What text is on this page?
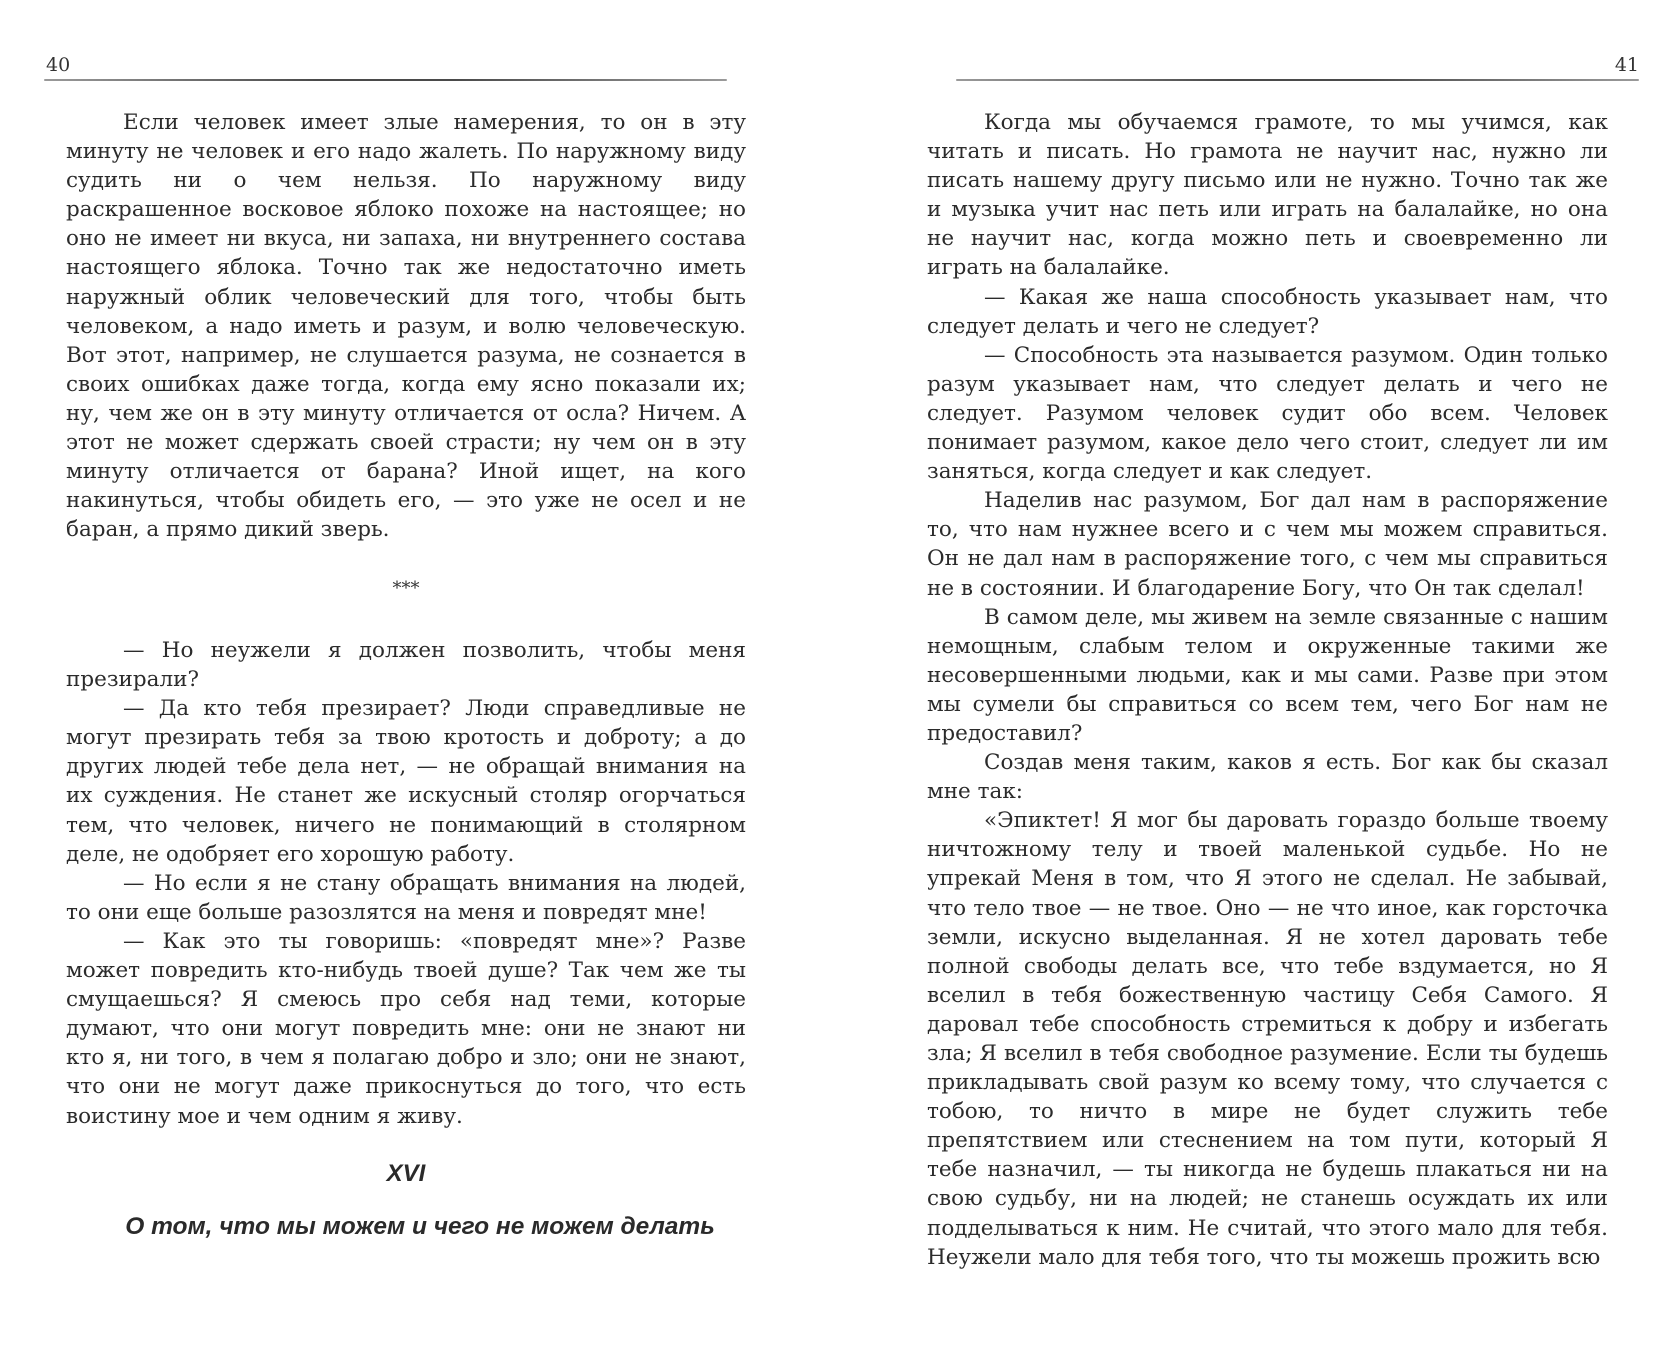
40

Если человек имеет злые намерения, то он в эту минуту не человек и его надо жалеть. По наружному виду судить ни о чем нельзя. По наружному виду раскрашенное восковое яблоко похоже на настоящее; но оно не имеет ни вкуса, ни запаха, ни внутреннего состава настоящего яблока. Точно так же недостаточно иметь наружный облик человеческий для того, чтобы быть человеком, а надо иметь и разум, и волю человеческую. Вот этот, например, не слушается разума, не сознается в своих ошибках даже тогда, когда ему ясно показали их; ну, чем же он в эту минуту отличается от осла? Ничем. А этот не может сдержать своей страсти; ну чем он в эту минуту отличается от барана? Иной ищет, на кого накинуться, чтобы обидеть его, — это уже не осел и не баран, а прямо дикий зверь.

***

— Но неужели я должен позволить, чтобы меня презирали?

— Да кто тебя презирает? Люди справедливые не могут презирать тебя за твою кротость и доброту; а до других людей тебе дела нет, — не обращай внимания на их суждения. Не станет же искусный столяр огорчаться тем, что человек, ничего не понимающий в столярном деле, не одобряет его хорошую работу.

— Но если я не стану обращать внимания на людей, то они еще больше разозлятся на меня и повредят мне!

— Как это ты говоришь: «повредят мне»? Разве может повредить кто-нибудь твоей душе? Так чем же ты смущаешься? Я смеюсь про себя над теми, которые думают, что они могут повредить мне: они не знают ни кто я, ни того, в чем я полагаю добро и зло; они не знают, что они не могут даже прикоснуться до того, что есть воистину мое и чем одним я живу.

XVI
О том, что мы можем и чего не можем делать
41

Когда мы обучаемся грамоте, то мы учимся, как читать и писать. Но грамота не научит нас, нужно ли писать нашему другу письмо или не нужно. Точно так же и музыка учит нас петь или играть на балалайке, но она не научит нас, когда можно петь и своевременно ли играть на балалайке.

— Какая же наша способность указывает нам, что следует делать и чего не следует?

— Способность эта называется разумом. Один только разум указывает нам, что следует делать и чего не следует. Разумом человек судит обо всем. Человек понимает разумом, какое дело чего стоит, следует ли им заняться, когда следует и как следует.

Наделив нас разумом, Бог дал нам в распоряжение то, что нам нужнее всего и с чем мы можем справиться. Он не дал нам в распоряжение того, с чем мы справиться не в состоянии. И благодарение Богу, что Он так сделал!

В самом деле, мы живем на земле связанные с нашим немощным, слабым телом и окруженные такими же несовершенными людьми, как и мы сами. Разве при этом мы сумели бы справиться со всем тем, чего Бог нам не предоставил?

Создав меня таким, каков я есть. Бог как бы сказал мне так:

«Эпиктет! Я мог бы даровать гораздо больше твоему ничтожному телу и твоей маленькой судьбе. Но не упрекай Меня в том, что Я этого не сделал. Не забывай, что тело твое — не твое. Оно — не что иное, как горсточка земли, искусно выделанная. Я не хотел даровать тебе полной свободы делать все, что тебе вздумается, но Я вселил в тебя божественную частицу Себя Самого. Я даровал тебе способность стремиться к добру и избегать зла; Я вселил в тебя свободное разумение. Если ты будешь прикладывать свой разум ко всему тому, что случается с тобою, то ничто в мире не будет служить тебе препятствием или стеснением на том пути, который Я тебе назначил, — ты никогда не будешь плакаться ни на свою судьбу, ни на людей; не станешь осуждать их или подделываться к ним. Не считай, что этого мало для тебя. Неужели мало для тебя того, что ты можешь прожить всю
